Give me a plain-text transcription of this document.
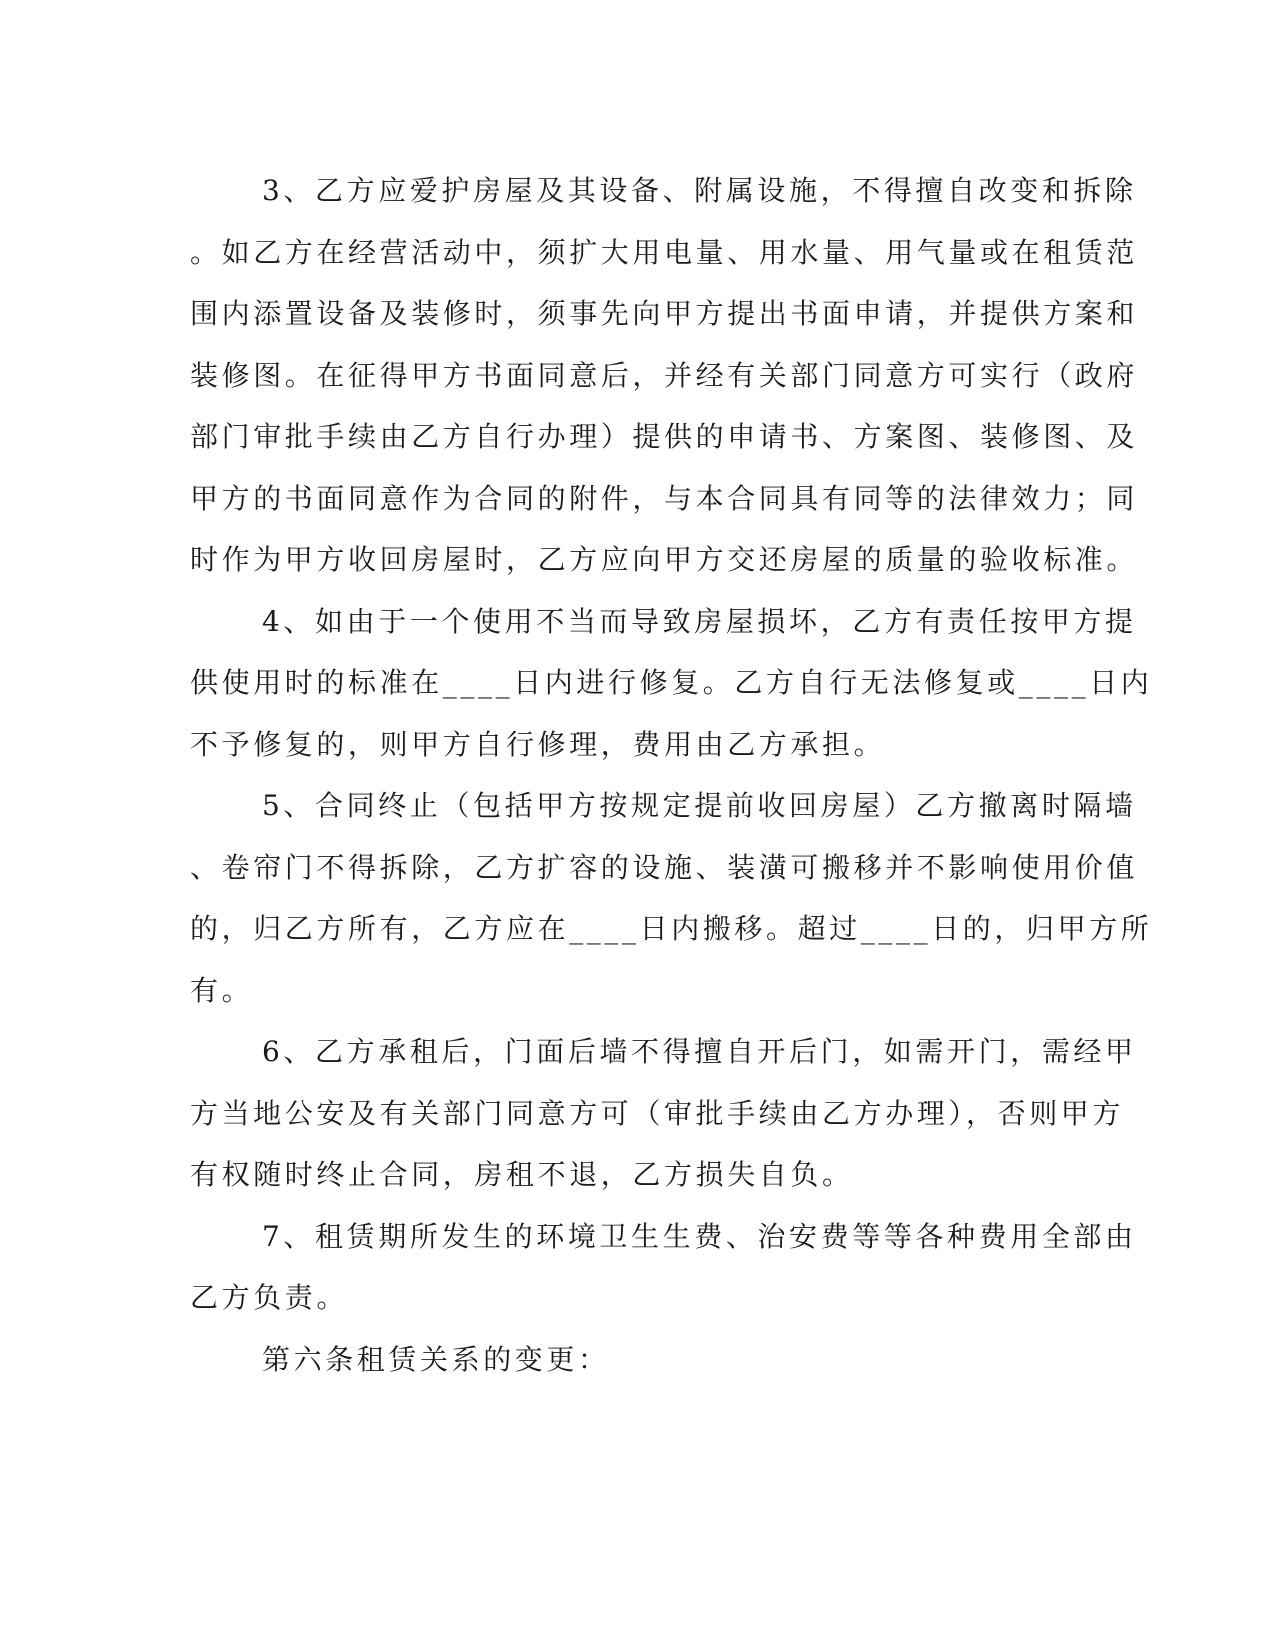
3、乙方应爱护房屋及其设备、附属设施，不得擅自改变和拆除
。如乙方在经营活动中，须扩大用电量、用水量、用气量或在租赁范
围内添置设备及装修时，须事先向甲方提出书面申请，并提供方案和
装修图。在征得甲方书面同意后，并经有关部门同意方可实行（政府
部门审批手续由乙方自行办理）提供的申请书、方案图、装修图、及
甲方的书面同意作为合同的附件，与本合同具有同等的法律效力；同
时作为甲方收回房屋时，乙方应向甲方交还房屋的质量的验收标准。

4、如由于一个使用不当而导致房屋损坏，乙方有责任按甲方提
供使用时的标准在____日内进行修复。乙方自行无法修复或____日内
不予修复的，则甲方自行修理，费用由乙方承担。

5、合同终止（包括甲方按规定提前收回房屋）乙方撤离时隔墙
、卷帘门不得拆除，乙方扩容的设施、装潢可搬移并不影响使用价值
的，归乙方所有，乙方应在____日内搬移。超过____日的，归甲方所
有。

6、乙方承租后，门面后墙不得擅自开后门，如需开门，需经甲
方当地公安及有关部门同意方可（审批手续由乙方办理），否则甲方
有权随时终止合同，房租不退，乙方损失自负。

7、租赁期所发生的环境卫生生费、治安费等等各种费用全部由
乙方负责。

第六条租赁关系的变更：
